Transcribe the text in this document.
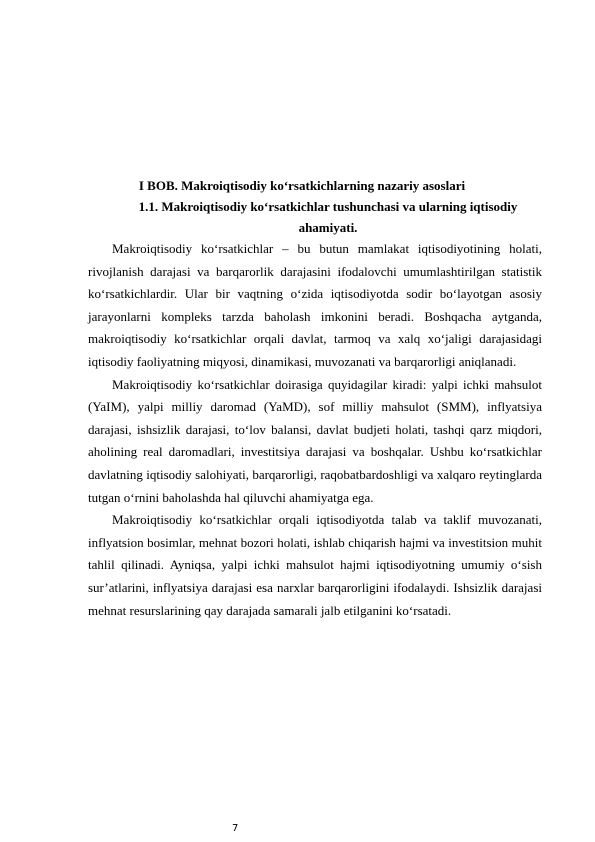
I BOB. Makroiqtisodiy ko‘rsatkichlarning nazariy asoslari

1.1. Makroiqtisodiy ko‘rsatkichlar tushunchasi va ularning iqtisodiy ahamiyati.

Makroiqtisodiy ko‘rsatkichlar – bu butun mamlakat iqtisodiyotining holati, rivojlanish darajasi va barqarorlik darajasini ifodalovchi umumlashtirilgan statistik ko‘rsatkichlardir. Ular bir vaqtning o‘zida iqtisodiyotda sodir bo‘layotgan asosiy jarayonlarni kompleks tarzda baholash imkonini beradi. Boshqacha aytganda, makroiqtisodiy ko‘rsatkichlar orqali davlat, tarmoq va xalq xo‘jaligi darajasidagi iqtisodiy faoliyatning miqyosi, dinamikasi, muvozanati va barqarorligi aniqlanadi.

Makroiqtisodiy ko‘rsatkichlar doirasiga quyidagilar kiradi: yalpi ichki mahsulot (YaIM), yalpi milliy daromad (YaMD), sof milliy mahsulot (SMM), inflyatsiya darajasi, ishsizlik darajasi, to‘lov balansi, davlat budjeti holati, tashqi qarz miqdori, aholining real daromadlari, investitsiya darajasi va boshqalar. Ushbu ko‘rsatkichlar davlatning iqtisodiy salohiyati, barqarorligi, raqobatbardoshligi va xalqaro reytinglarda tutgan o‘rnini baholashda hal qiluvchi ahamiyatga ega.

Makroiqtisodiy ko‘rsatkichlar orqali iqtisodiyotda talab va taklif muvozanati, inflyatsion bosimlar, mehnat bozori holati, ishlab chiqarish hajmi va investitsion muhit tahlil qilinadi. Ayniqsa, yalpi ichki mahsulot hajmi iqtisodiyotning umumiy o‘sish sur’atlarini, inflyatsiya darajasi esa narxlar barqarorligini ifodalaydi. Ishsizlik darajasi mehnat resurslarining qay darajada samarali jalb etilganini ko‘rsatadi.

7
